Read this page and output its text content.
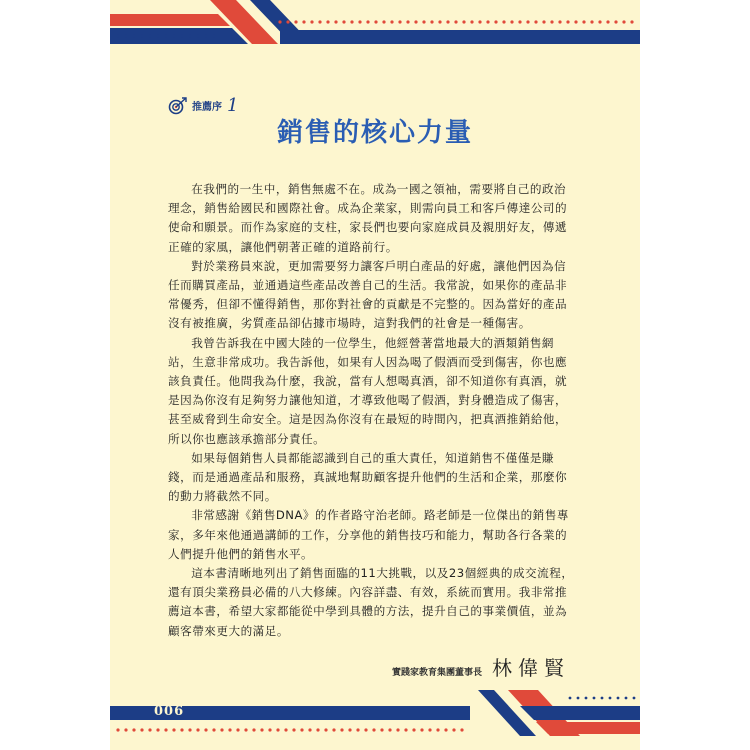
推薦序 1
銷售的核心力量

在我們的一生中，銷售無處不在。成為一國之領袖，需要將自己的政治理念，銷售給國民和國際社會。成為企業家，則需向員工和客戶傳達公司的使命和願景。而作為家庭的支柱，家長們也要向家庭成員及親朋好友，傳遞正確的家風，讓他們朝著正確的道路前行。

對於業務員來說，更加需要努力讓客戶明白產品的好處，讓他們因為信任而購買產品，並通過這些產品改善自己的生活。我常說，如果你的產品非常優秀，但卻不懂得銷售，那你對社會的貢獻是不完整的。因為當好的產品沒有被推廣，劣質產品卻佔據市場時，這對我們的社會是一種傷害。

我曾告訴我在中國大陸的一位學生，他經營著當地最大的酒類銷售網站，生意非常成功。我告訴他，如果有人因為喝了假酒而受到傷害，你也應該負責任。他問我為什麼，我說，當有人想喝真酒，卻不知道你有真酒，就是因為你沒有足夠努力讓他知道，才導致他喝了假酒，對身體造成了傷害，甚至威脅到生命安全。這是因為你沒有在最短的時間內，把真酒推銷給他，所以你也應該承擔部分責任。

如果每個銷售人員都能認識到自己的重大責任，知道銷售不僅僅是賺錢，而是通過產品和服務，真誠地幫助顧客提升他們的生活和企業，那麼你的動力將截然不同。

非常感謝《銷售DNA》的作者路守治老師。路老師是一位傑出的銷售專家，多年來他通過講師的工作，分享他的銷售技巧和能力，幫助各行各業的人們提升他們的銷售水平。

這本書清晰地列出了銷售面臨的11大挑戰，以及23個經典的成交流程，還有頂尖業務員必備的八大修練。內容詳盡、有效，系統而實用。我非常推薦這本書，希望大家都能從中學到具體的方法，提升自己的事業價值，並為顧客帶來更大的滿足。

實踐家教育集團董事長 林偉賢
006
